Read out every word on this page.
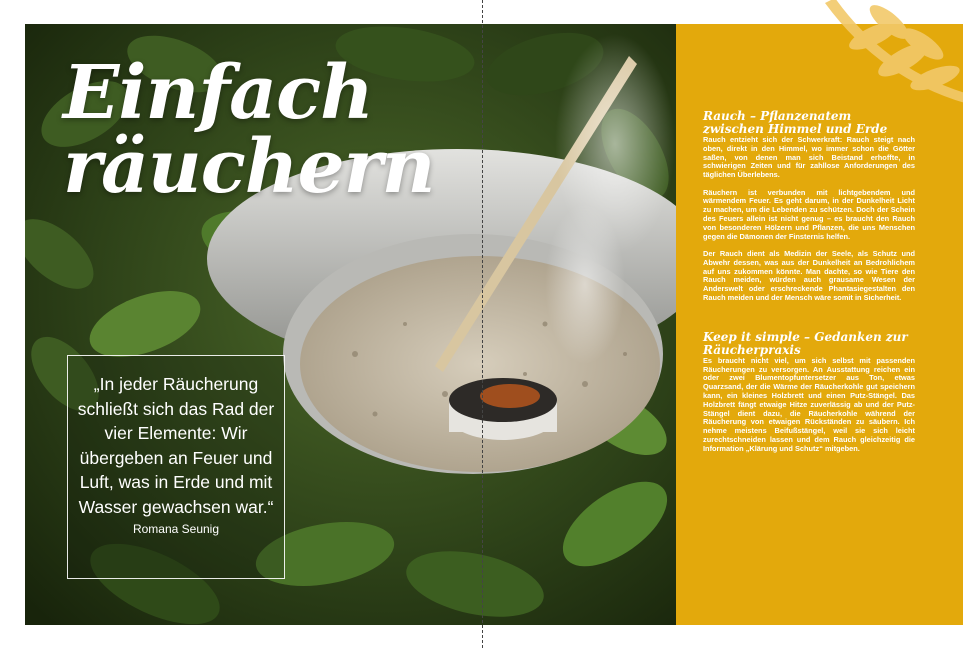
Einfach
räuchern

„In jeder Räucherung schließt sich das Rad der vier Elemente: Wir übergeben an Feuer und Luft, was in Erde und mit Wasser gewachsen war.“

Romana Seunig
Rauch – Pflanzenatem zwischen Himmel und Erde

Rauch entzieht sich der Schwerkraft: Rauch steigt nach oben, direkt in den Himmel, wo immer schon die Götter saßen, von denen man sich Beistand erhoffte, in schwierigen Zeiten und für zahllose Anforderungen des täglichen Überlebens.

Räuchern ist verbunden mit lichtgebendem und wärmendem Feuer. Es geht darum, in der Dunkelheit Licht zu machen, um die Lebenden zu schützen. Doch der Schein des Feuers allein ist nicht genug – es braucht den Rauch von besonderen Hölzern und Pflanzen, die uns Menschen gegen die Dämonen der Finsternis helfen.

Der Rauch dient als Medizin der Seele, als Schutz und Abwehr dessen, was aus der Dunkelheit an Bedrohlichem auf uns zukommen könnte. Man dachte, so wie Tiere den Rauch meiden, würden auch grausame Wesen der Anderswelt oder erschreckende Phantasiegestalten den Rauch meiden und der Mensch wäre somit in Sicherheit.

Keep it simple – Gedanken zur Räucherpraxis

Es braucht nicht viel, um sich selbst mit passenden Räucherungen zu versorgen. An Ausstattung reichen ein oder zwei Blumentopfuntersetzer aus Ton, etwas Quarzsand, der die Wärme der Räucherkohle gut speichern kann, ein kleines Holzbrett und einen Putz-Stängel. Das Holzbrett fängt etwaige Hitze zuverlässig ab und der Putz-Stängel dient dazu, die Räucherkohle während der Räucherung von etwaigen Rückständen zu säubern. Ich nehme meistens Beifußstängel, weil sie sich leicht zurechtschneiden lassen und dem Rauch gleichzeitig die Information „Klärung und Schutz“ mitgeben.
